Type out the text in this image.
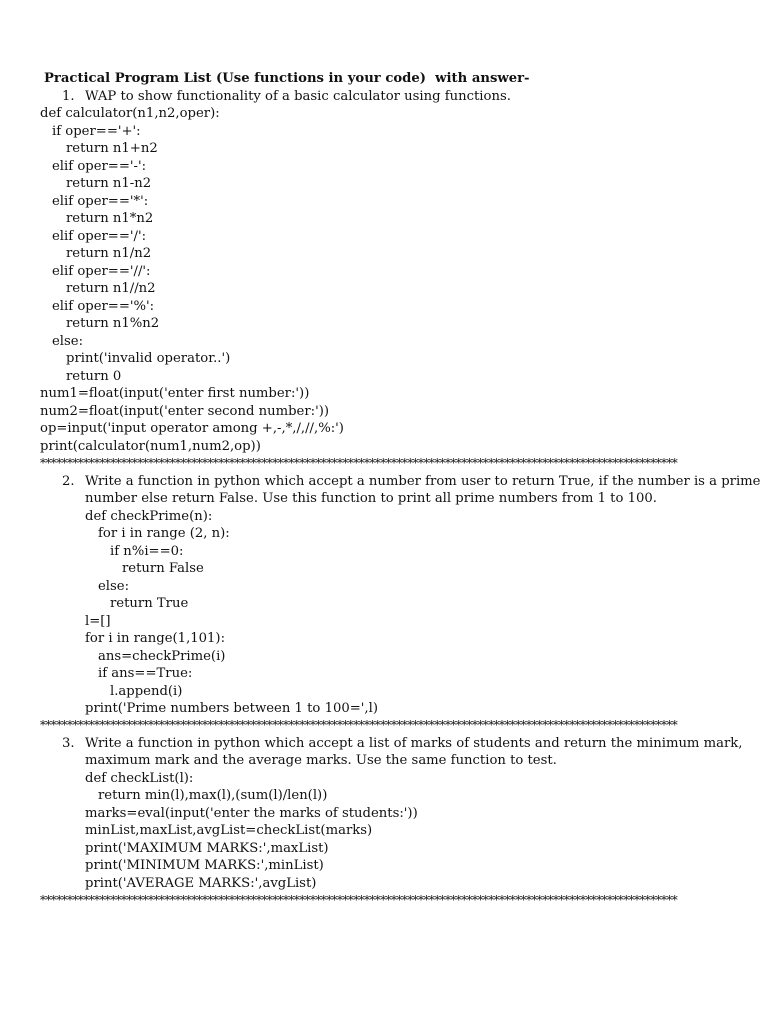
Practical Program List (Use functions in your code)  with answer-
1. WAP to show functionality of a basic calculator using functions.
def calculator(n1,n2,oper):
if oper=='+':
return n1+n2
elif oper=='-':
return n1-n2
elif oper=='*':
return n1*n2
elif oper=='/':
return n1/n2
elif oper=='//':
return n1//n2
elif oper=='%':
return n1%n2
else:
print('invalid operator..')
return 0
num1=float(input('enter first number:'))
num2=float(input('enter second number:'))
op=input('input operator among +,-,*,/,//,%:')
print(calculator(num1,num2,op))
**********************************************************************************************************************
2. Write a function in python which accept a number from user to return True, if the number is a prime
number else return False. Use this function to print all prime numbers from 1 to 100.
def checkPrime(n):
for i in range (2, n):
if n%i==0:
return False
else:
return True
l=[]
for i in range(1,101):
ans=checkPrime(i)
if ans==True:
l.append(i)
print('Prime numbers between 1 to 100=',l)
**********************************************************************************************************************
3. Write a function in python which accept a list of marks of students and return the minimum mark,
maximum mark and the average marks. Use the same function to test.
def checkList(l):
return min(l),max(l),(sum(l)/len(l))
marks=eval(input('enter the marks of students:'))
minList,maxList,avgList=checkList(marks)
print('MAXIMUM MARKS:',maxList)
print('MINIMUM MARKS:',minList)
print('AVERAGE MARKS:',avgList)
**********************************************************************************************************************
